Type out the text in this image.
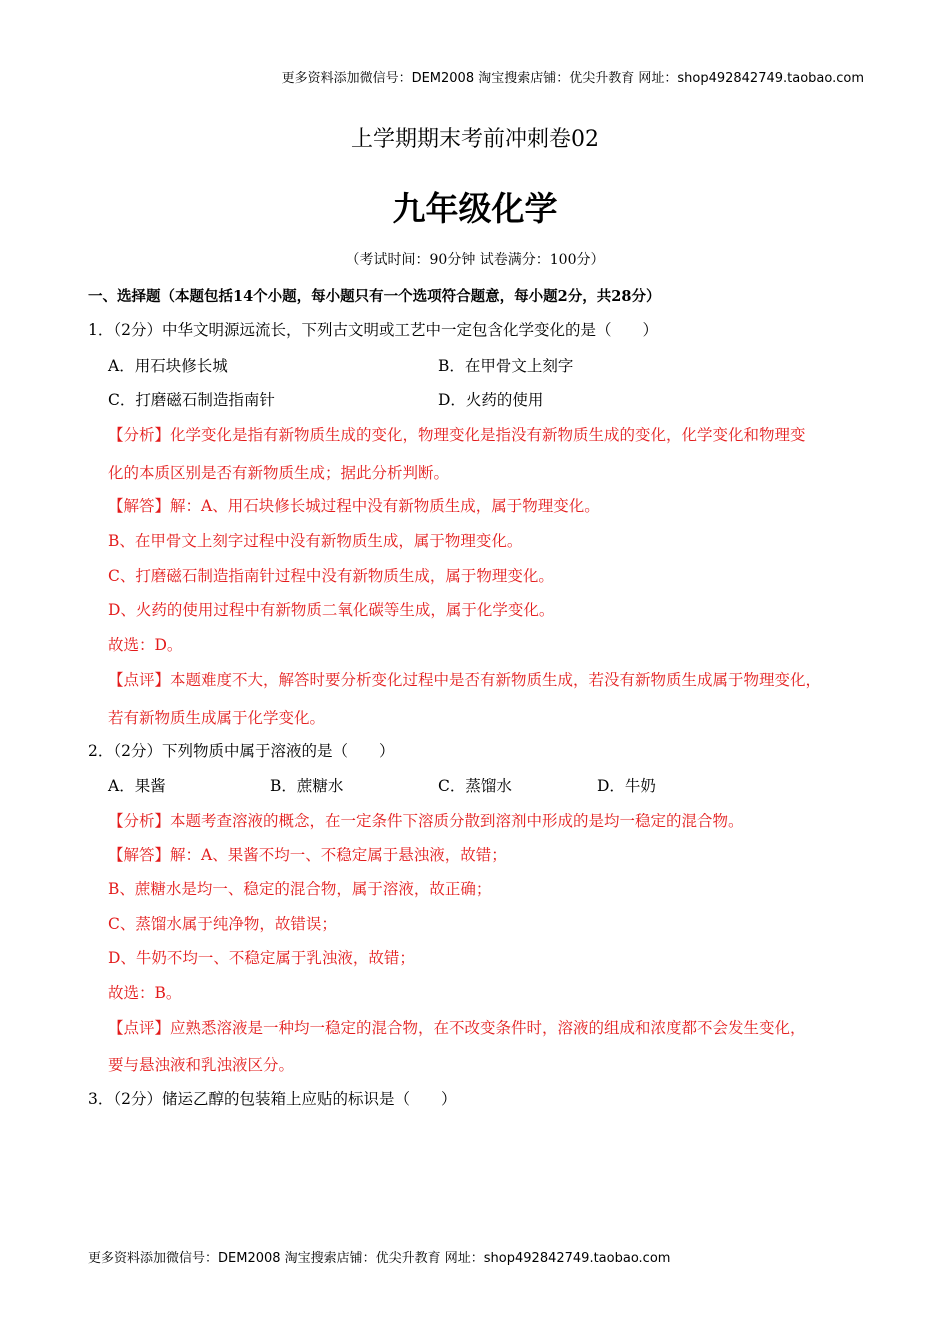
更多资料添加微信号：DEM2008 淘宝搜索店铺：优尖升教育 网址：shop492842749.taobao.com
上学期期末考前冲刺卷02
九年级化学
（考试时间：90分钟 试卷满分：100分）
一、选择题（本题包括14个小题，每小题只有一个选项符合题意，每小题2分，共28分）
1．（2分）中华文明源远流长，下列古文明或工艺中一定包含化学变化的是（　　）
A．用石块修长城	B．在甲骨文上刻字
C．打磨磁石制造指南针	D．火药的使用
【分析】化学变化是指有新物质生成的变化，物理变化是指没有新物质生成的变化，化学变化和物理变
化的本质区别是否有新物质生成；据此分析判断。
【解答】解：A、用石块修长城过程中没有新物质生成，属于物理变化。
B、在甲骨文上刻字过程中没有新物质生成，属于物理变化。
C、打磨磁石制造指南针过程中没有新物质生成，属于物理变化。
D、火药的使用过程中有新物质二氧化碳等生成，属于化学变化。
故选：D。
【点评】本题难度不大，解答时要分析变化过程中是否有新物质生成，若没有新物质生成属于物理变化，
若有新物质生成属于化学变化。
2．（2分）下列物质中属于溶液的是（　　）
A．果酱	B．蔗糖水	C．蒸馏水	D．牛奶
【分析】本题考查溶液的概念，在一定条件下溶质分散到溶剂中形成的是均一稳定的混合物。
【解答】解：A、果酱不均一、不稳定属于悬浊液，故错；
B、蔗糖水是均一、稳定的混合物，属于溶液，故正确；
C、蒸馏水属于纯净物，故错误；
D、牛奶不均一、不稳定属于乳浊液，故错；
故选：B。
【点评】应熟悉溶液是一种均一稳定的混合物，在不改变条件时，溶液的组成和浓度都不会发生变化，
要与悬浊液和乳浊液区分。
3．（2分）储运乙醇的包装箱上应贴的标识是（　　）
更多资料添加微信号：DEM2008 淘宝搜索店铺：优尖升教育 网址：shop492842749.taobao.com
